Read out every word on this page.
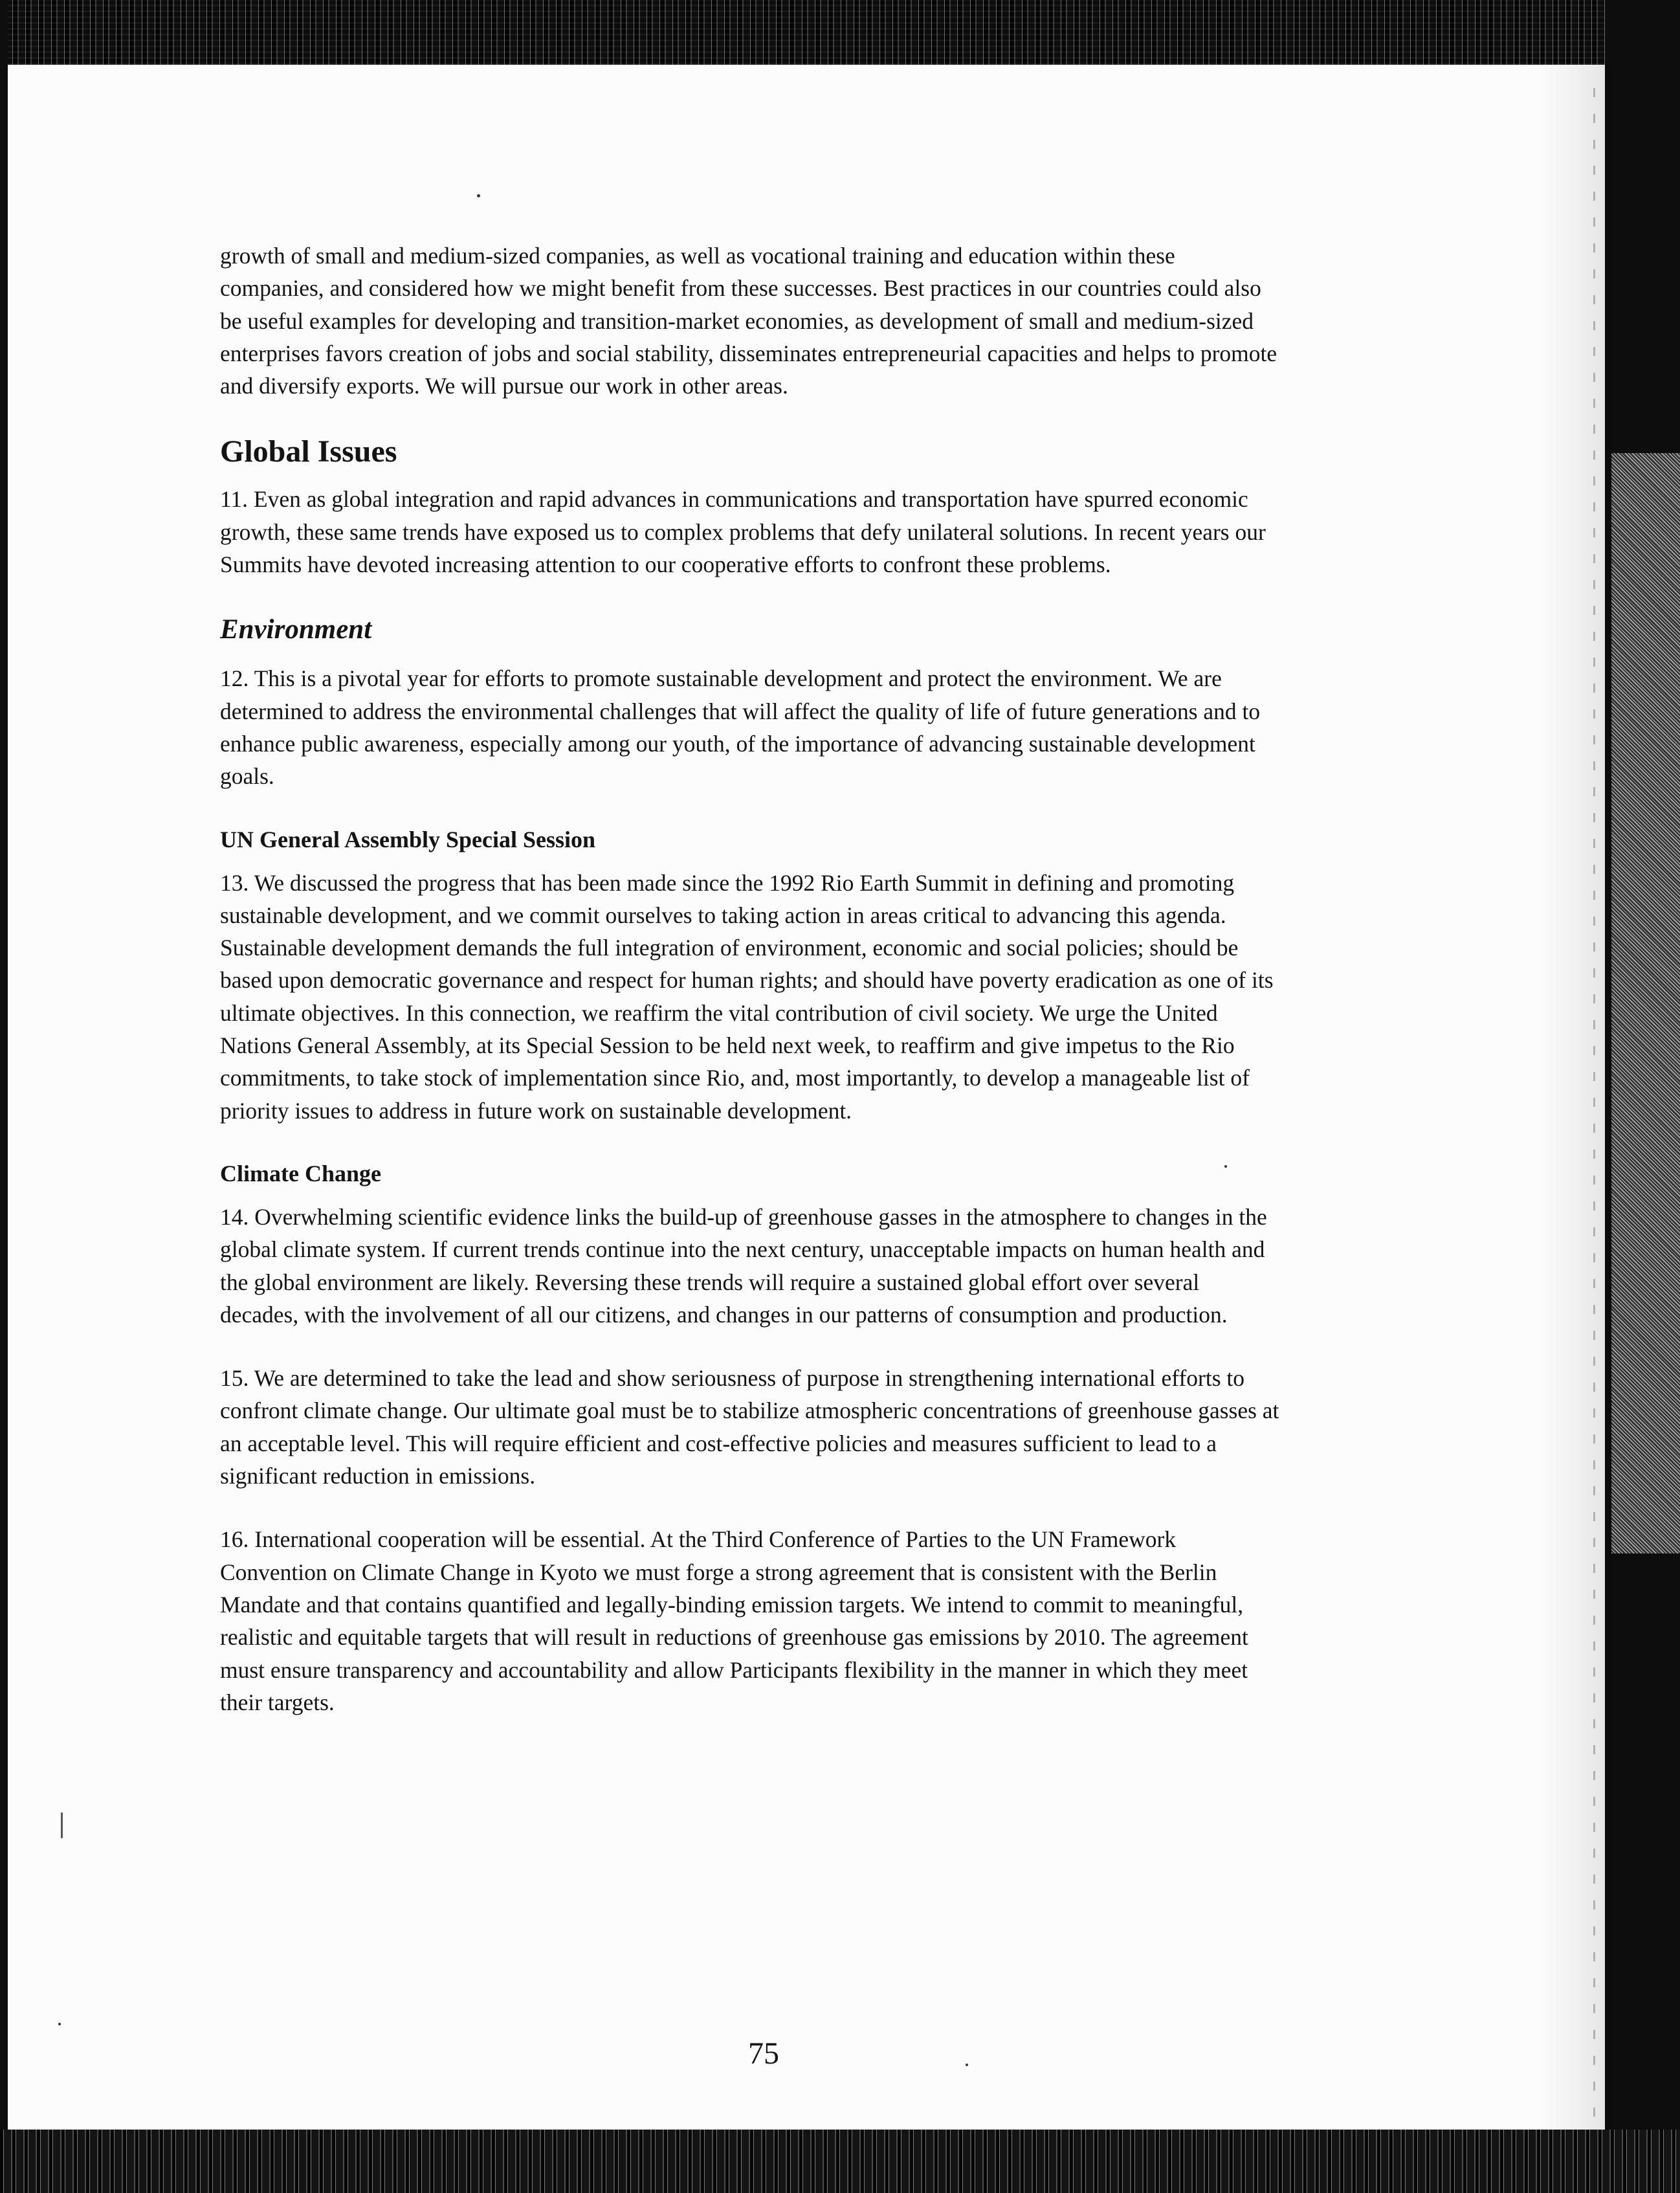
growth of small and medium-sized companies, as well as vocational training and education within these companies, and considered how we might benefit from these successes. Best practices in our countries could also be useful examples for developing and transition-market economies, as development of small and medium-sized enterprises favors creation of jobs and social stability, disseminates entrepreneurial capacities and helps to promote and diversify exports. We will pursue our work in other areas.

Global Issues

11. Even as global integration and rapid advances in communications and transportation have spurred economic growth, these same trends have exposed us to complex problems that defy unilateral solutions. In recent years our Summits have devoted increasing attention to our cooperative efforts to confront these problems.

Environment

12. This is a pivotal year for efforts to promote sustainable development and protect the environment. We are determined to address the environmental challenges that will affect the quality of life of future generations and to enhance public awareness, especially among our youth, of the importance of advancing sustainable development goals.

UN General Assembly Special Session

13. We discussed the progress that has been made since the 1992 Rio Earth Summit in defining and promoting sustainable development, and we commit ourselves to taking action in areas critical to advancing this agenda. Sustainable development demands the full integration of environment, economic and social policies; should be based upon democratic governance and respect for human rights; and should have poverty eradication as one of its ultimate objectives. In this connection, we reaffirm the vital contribution of civil society. We urge the United Nations General Assembly, at its Special Session to be held next week, to reaffirm and give impetus to the Rio commitments, to take stock of implementation since Rio, and, most importantly, to develop a manageable list of priority issues to address in future work on sustainable development.

Climate Change

14. Overwhelming scientific evidence links the build-up of greenhouse gasses in the atmosphere to changes in the global climate system. If current trends continue into the next century, unacceptable impacts on human health and the global environment are likely. Reversing these trends will require a sustained global effort over several decades, with the involvement of all our citizens, and changes in our patterns of consumption and production.

15. We are determined to take the lead and show seriousness of purpose in strengthening international efforts to confront climate change. Our ultimate goal must be to stabilize atmospheric concentrations of greenhouse gasses at an acceptable level. This will require efficient and cost-effective policies and measures sufficient to lead to a significant reduction in emissions.

16. International cooperation will be essential. At the Third Conference of Parties to the UN Framework Convention on Climate Change in Kyoto we must forge a strong agreement that is consistent with the Berlin Mandate and that contains quantified and legally-binding emission targets. We intend to commit to meaningful, realistic and equitable targets that will result in reductions of greenhouse gas emissions by 2010. The agreement must ensure transparency and accountability and allow Participants flexibility in the manner in which they meet their targets.

75
